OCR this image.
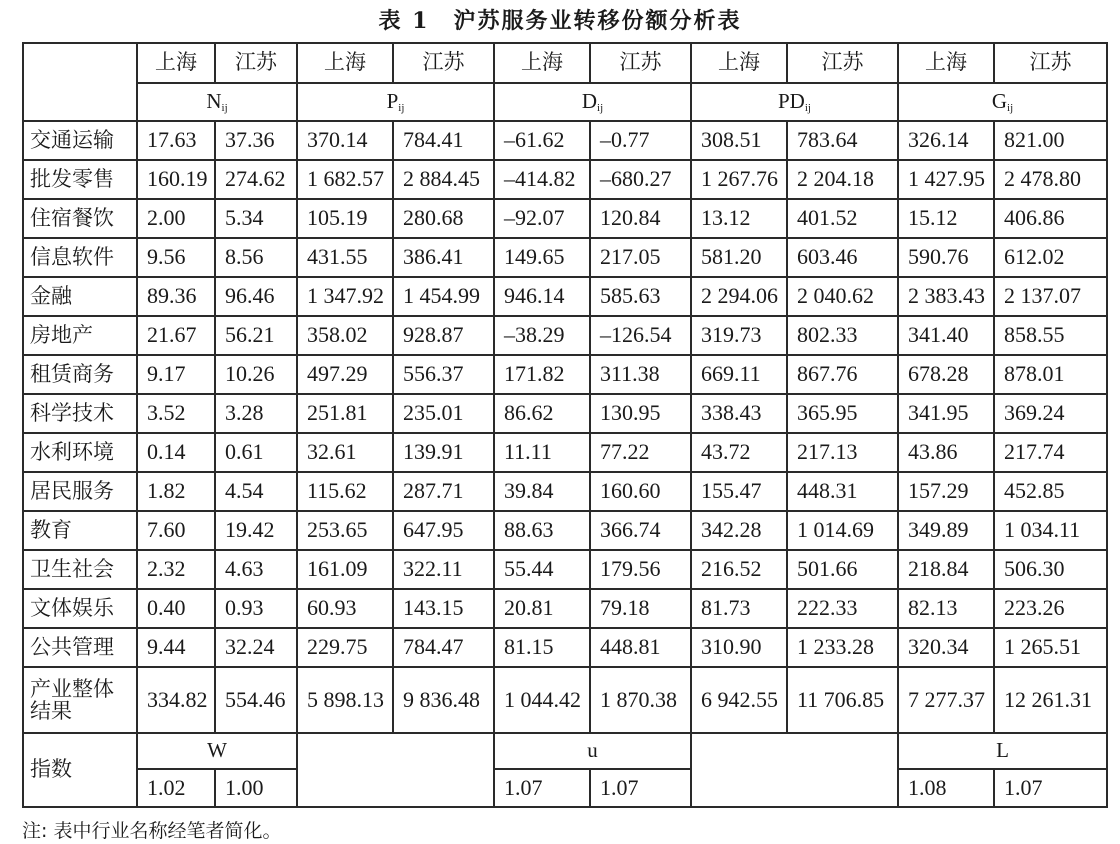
表 1 沪苏服务业转移份额分析表
	上海	江苏	上海	江苏	上海	江苏	上海	江苏	上海	江苏
	$N_{ij}$		$P_{ij}$		$D_{ij}$		$PD_{ij}$		$G_{ij}$
交通运输	17.63	37.36	370.14	784.41	–61.62	–0.77	308.51	783.64	326.14	821.00
批发零售	160.19	274.62	1 682.57	2 884.45	–414.82	–680.27	1 267.76	2 204.18	1 427.95	2 478.80
住宿餐饮	2.00	5.34	105.19	280.68	–92.07	120.84	13.12	401.52	15.12	406.86
信息软件	9.56	8.56	431.55	386.41	149.65	217.05	581.20	603.46	590.76	612.02
金融	89.36	96.46	1 347.92	1 454.99	946.14	585.63	2 294.06	2 040.62	2 383.43	2 137.07
房地产	21.67	56.21	358.02	928.87	–38.29	–126.54	319.73	802.33	341.40	858.55
租赁商务	9.17	10.26	497.29	556.37	171.82	311.38	669.11	867.76	678.28	878.01
科学技术	3.52	3.28	251.81	235.01	86.62	130.95	338.43	365.95	341.95	369.24
水利环境	0.14	0.61	32.61	139.91	11.11	77.22	43.72	217.13	43.86	217.74
居民服务	1.82	4.54	115.62	287.71	39.84	160.60	155.47	448.31	157.29	452.85
教育	7.60	19.42	253.65	647.95	88.63	366.74	342.28	1 014.69	349.89	1 034.11
卫生社会	2.32	4.63	161.09	322.11	55.44	179.56	216.52	501.66	218.84	506.30
文体娱乐	0.40	0.93	60.93	143.15	20.81	79.18	81.73	222.33	82.13	223.26
公共管理	9.44	32.24	229.75	784.47	81.15	448.81	310.90	1 233.28	320.34	1 265.51
产业整体
结果	334.82	554.46	5 898.13	9 836.48	1 044.42	1 870.38	6 942.55	11 706.85	7 277.37	12 261.31
指数	W				u				L	
	1.02	1.00			1.07	1.07			1.08	1.07
注: 表中行业名称经笔者简化。
